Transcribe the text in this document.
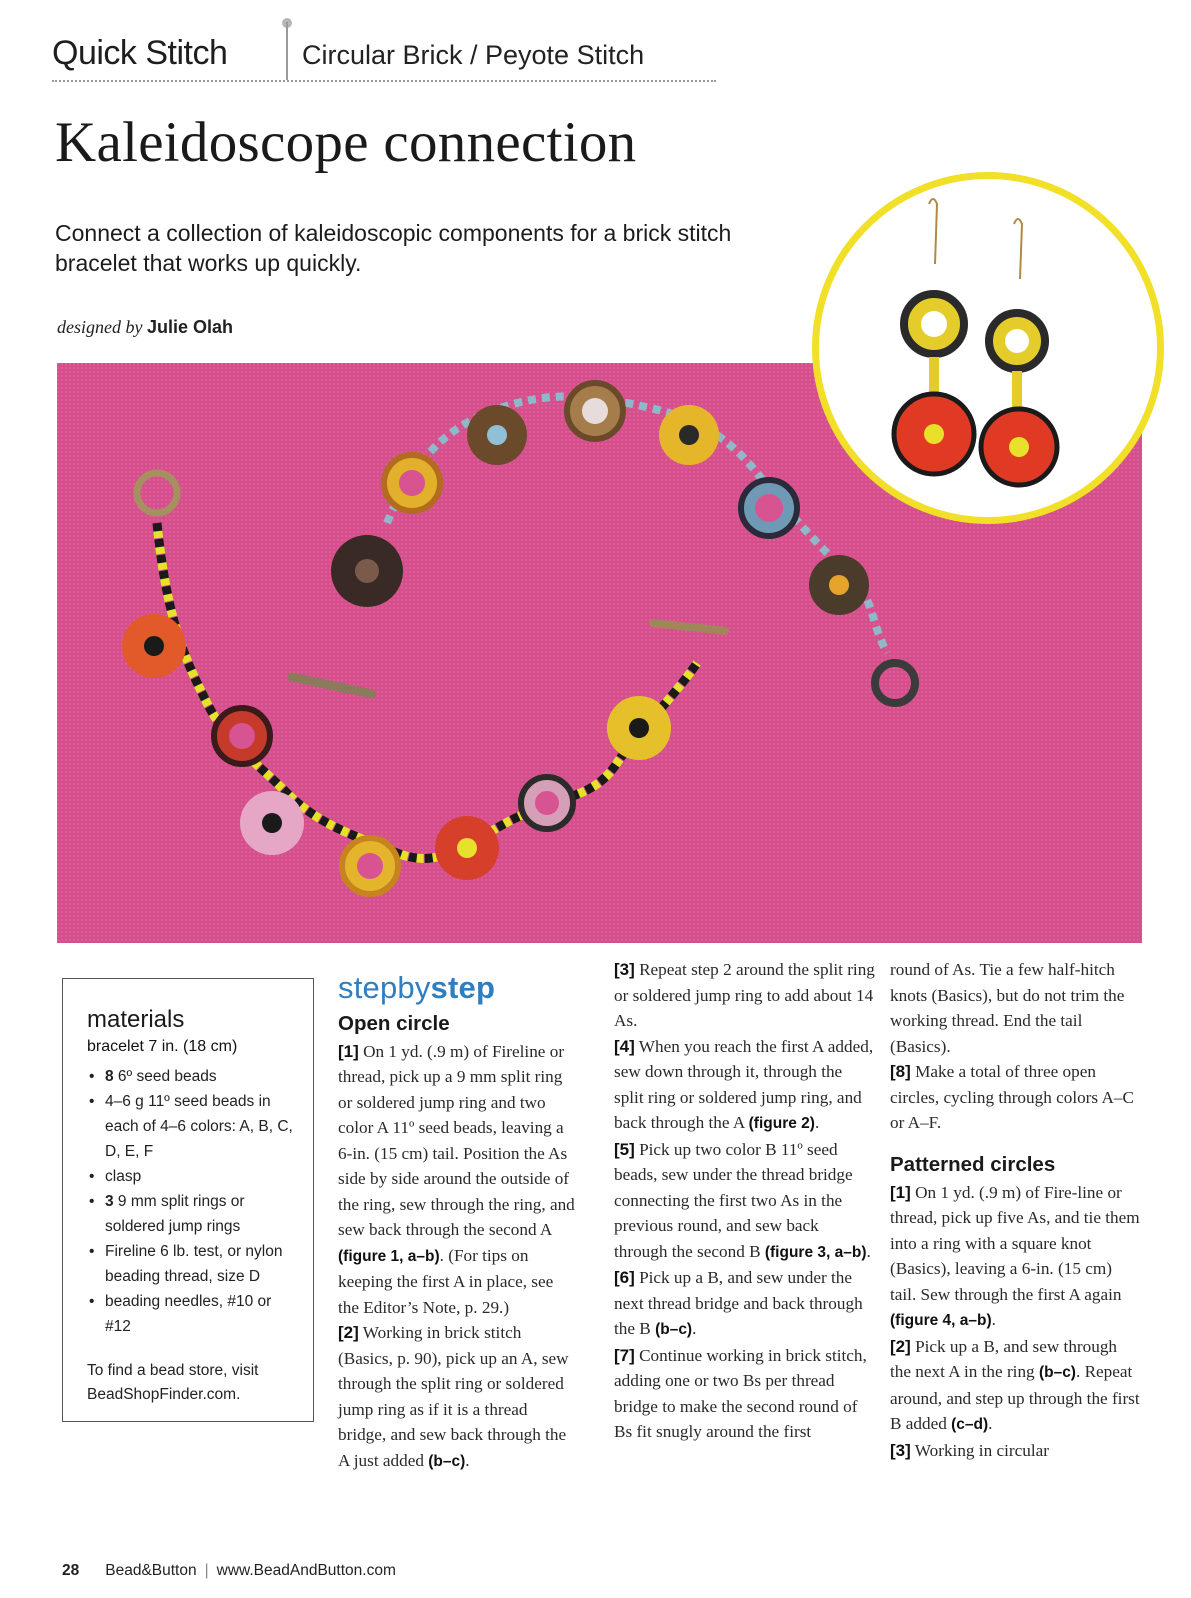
Quick Stitch	Circular Brick / Peyote Stitch
Kaleidoscope connection
Connect a collection of kaleidoscopic components for a brick stitch bracelet that works up quickly.
designed by Julie Olah
materials
bracelet 7 in. (18 cm)
• 8 6º seed beads
• 4–6 g 11º seed beads in each of 4–6 colors: A, B, C, D, E, F
• clasp
• 3 9 mm split rings or soldered jump rings
• Fireline 6 lb. test, or nylon beading thread, size D
• beading needles, #10 or #12
To find a bead store, visit BeadShopFinder.com.
stepbystep
Open circle

[1] On 1 yd. (.9 m) of Fireline or thread, pick up a 9 mm split ring or soldered jump ring and two color A 11º seed beads, leaving a 6-in. (15 cm) tail. Position the As side by side around the outside of the ring, sew through the ring, and sew back through the second A (figure 1, a–b). (For tips on keeping the first A in place, see the Editor’s Note, p. 29.)

[2] Working in brick stitch (Basics, p. 90), pick up an A, sew through the split ring or soldered jump ring as if it is a thread bridge, and sew back through the A just added (b–c).

[3] Repeat step 2 around the split ring or soldered jump ring to add about 14 As.

[4] When you reach the first A added, sew down through it, through the split ring or soldered jump ring, and back through the A (figure 2).

[5] Pick up two color B 11º seed beads, sew under the thread bridge connecting the first two As in the previous round, and sew back through the second B (figure 3, a–b).

[6] Pick up a B, and sew under the next thread bridge and back through the B (b–c).

[7] Continue working in brick stitch, adding one or two Bs per thread bridge to make the second round of Bs fit snugly around the first

round of As. Tie a few half-hitch knots (Basics), but do not trim the working thread. End the tail (Basics).

[8] Make a total of three open circles, cycling through colors A–C or A–F.

Patterned circles

[1] On 1 yd. (.9 m) of Fire-line or thread, pick up five As, and tie them into a ring with a square knot (Basics), leaving a 6-in. (15 cm) tail. Sew through the first A again (figure 4, a–b).

[2] Pick up a B, and sew through the next A in the ring (b–c). Repeat around, and step up through the first B added (c–d).

[3] Working in circular

28 Bead&Button | www.BeadAndButton.com
